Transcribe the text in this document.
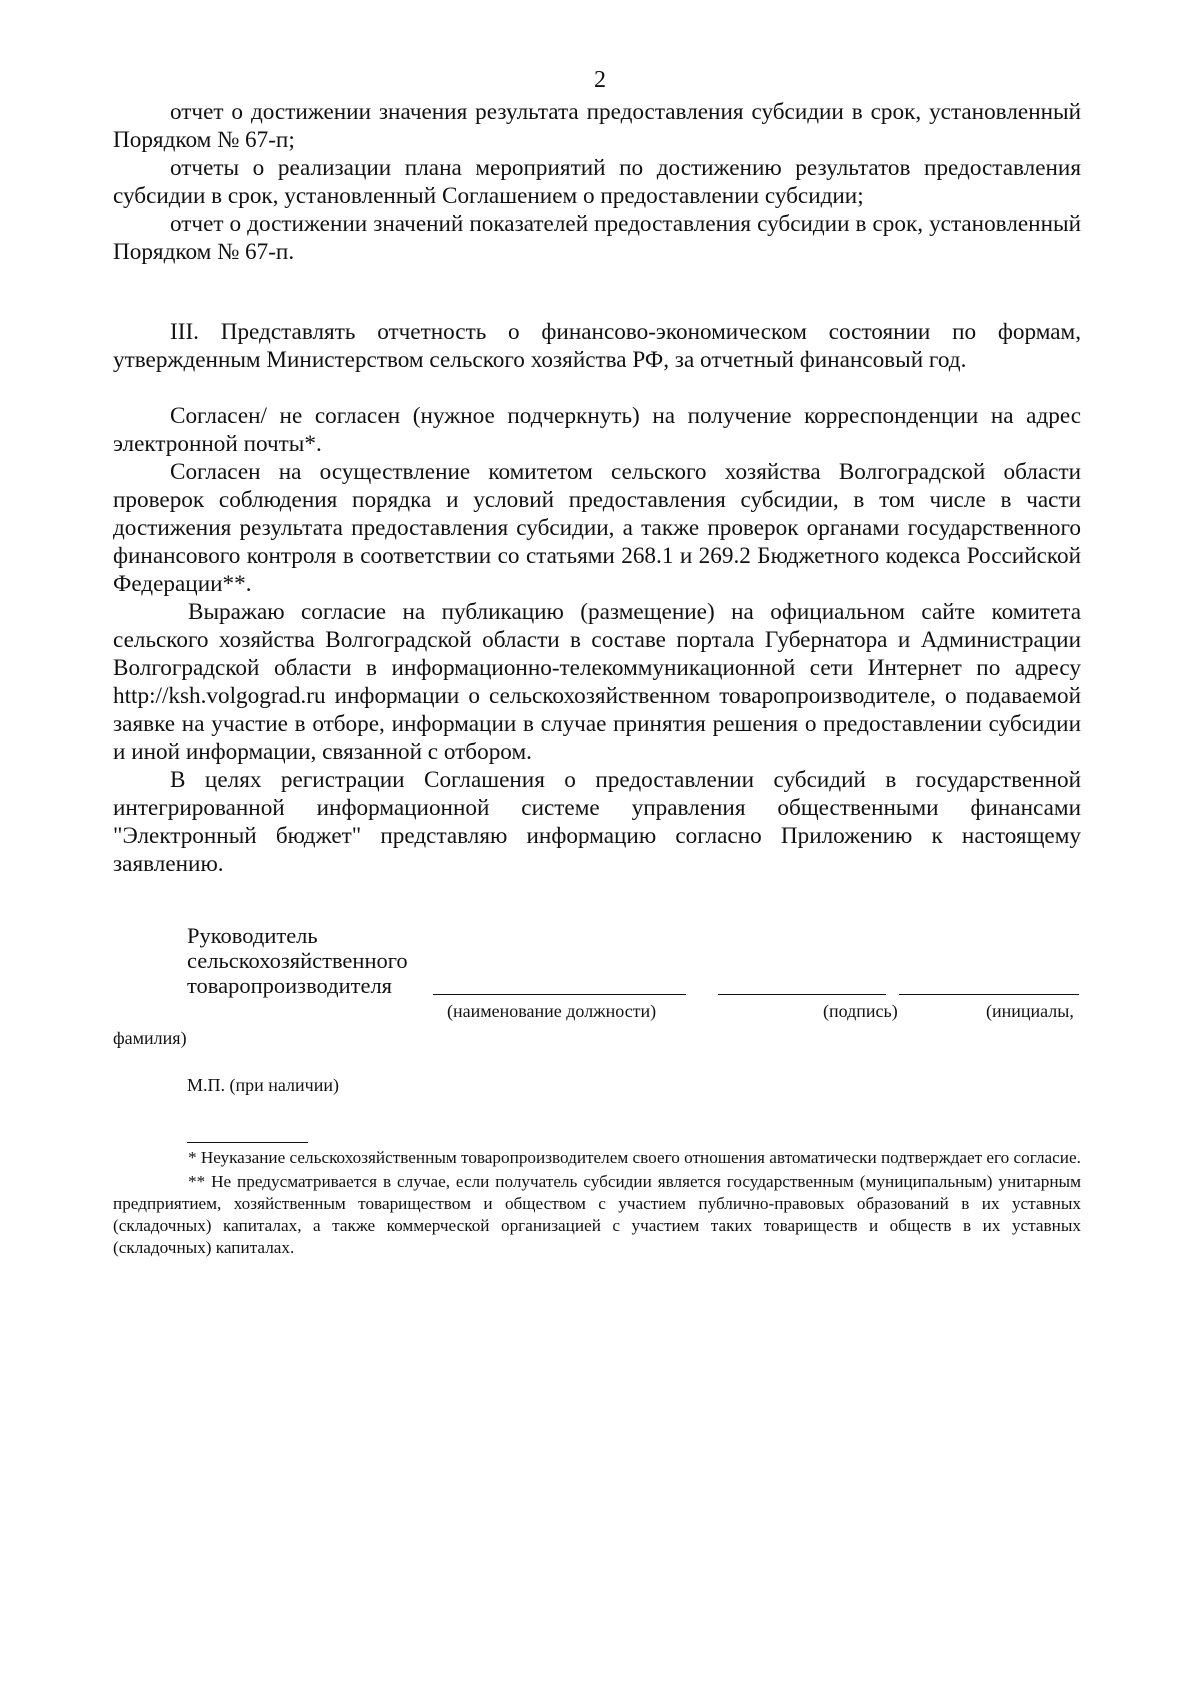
2

отчет о достижении значения результата предоставления субсидии в срок, установленный Порядком № 67-п;

отчеты о реализации плана мероприятий по достижению результатов предоставления субсидии в срок, установленный Соглашением о предоставлении субсидии;

отчет о достижении значений показателей предоставления субсидии в срок, установленный Порядком № 67-п.

III. Представлять отчетность о финансово-экономическом состоянии по формам, утвержденным Министерством сельского хозяйства РФ, за отчетный финансовый год.

Согласен/ не согласен (нужное подчеркнуть) на получение корреспонденции на адрес электронной почты*.

Согласен на осуществление комитетом сельского хозяйства Волгоградской области проверок соблюдения порядка и условий предоставления субсидии, в том числе в части достижения результата предоставления субсидии, а также проверок органами государственного финансового контроля в соответствии со статьями 268.1 и 269.2 Бюджетного кодекса Российской Федерации**.

Выражаю согласие на публикацию (размещение) на официальном сайте комитета сельского хозяйства Волгоградской области в составе портала Губернатора и Администрации Волгоградской области в информационно-телекоммуникационной сети Интернет по адресу http://ksh.volgograd.ru информации о сельскохозяйственном товаропроизводителе, о подаваемой заявке на участие в отборе, информации в случае принятия решения о предоставлении субсидии и иной информации, связанной с отбором.

В целях регистрации Соглашения о предоставлении субсидий в государственной интегрированной информационной системе управления общественными финансами "Электронный бюджет" представляю информацию согласно Приложению к настоящему заявлению.

Руководитель
сельскохозяйственного
товаропроизводителя
(наименование должности)	(подпись)	(инициалы,
фамилия)
М.П. (при наличии)

* Неуказание сельскохозяйственным товаропроизводителем своего отношения автоматически подтверждает его согласие.

** Не предусматривается в случае, если получатель субсидии является государственным (муниципальным) унитарным предприятием, хозяйственным товариществом и обществом с участием публично-правовых образований в их уставных (складочных) капиталах, а также коммерческой организацией с участием таких товариществ и обществ в их уставных (складочных) капиталах.
